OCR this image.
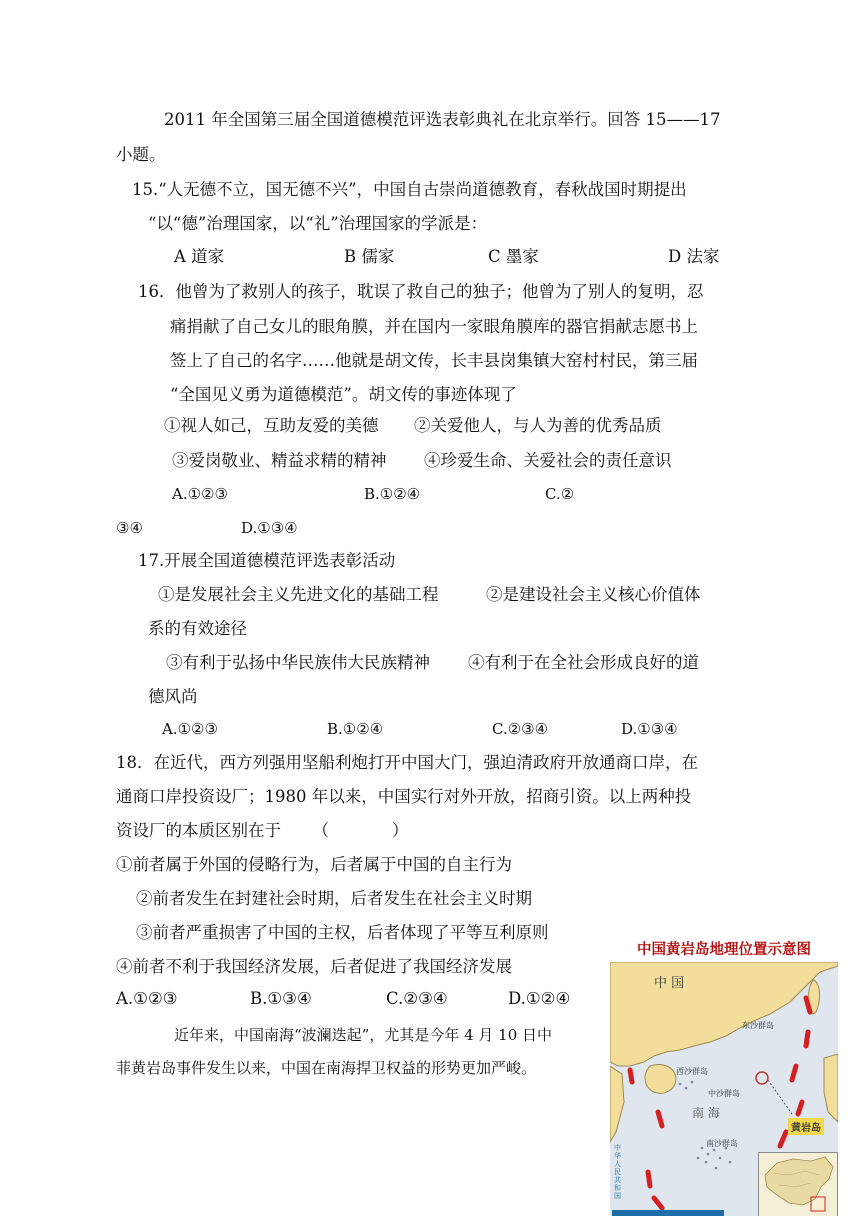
2011 年全国第三届全国道德模范评选表彰典礼在北京举行。回答 15——17
小题。
15.“人无德不立，国无德不兴”，中国自古崇尚道德教育，春秋战国时期提出
“以“德”治理国家，以“礼”治理国家的学派是：
A 道家	B 儒家	C 墨家	D 法家
16．他曾为了救别人的孩子，耽误了救自己的独子；他曾为了别人的复明，忍
痛捐献了自己女儿的眼角膜，并在国内一家眼角膜库的器官捐献志愿书上
签上了自己的名字……他就是胡文传，长丰县岗集镇大窑村村民，第三届
“全国见义勇为道德模范”。胡文传的事迹体现了
①视人如己，互助友爱的美德 ②关爱他人，与人为善的优秀品质
③爱岗敬业、精益求精的精神 ④珍爱生命、关爱社会的责任意识
A.①②③	B.①②④	C.②
③④	D.①③④
17.开展全国道德模范评选表彰活动
①是发展社会主义先进文化的基础工程	②是建设社会主义核心价值体
系的有效途径
③有利于弘扬中华民族伟大民族精神 ④有利于在全社会形成良好的道
德风尚
A.①②③	B.①②④	C.②③④	D.①③④
18．在近代，西方列强用坚船利炮打开中国大门，强迫清政府开放通商口岸，在
通商口岸投资设厂；1980 年以来，中国实行对外开放，招商引资。以上两种投
资设厂的本质区别在于      （            ）
①前者属于外国的侵略行为，后者属于中国的自主行为
②前者发生在封建社会时期，后者发生在社会主义时期
③前者严重损害了中国的主权，后者体现了平等互利原则
④前者不利于我国经济发展，后者促进了我国经济发展
A.①②③	B.①③④	C.②③④	D.①②④
近年来，中国南海“波澜迭起”，尤其是今年 4 月 10 日中
菲黄岩岛事件发生以来，中国在南海捍卫权益的形势更加严峻。
中国黄岩岛地理位置示意图
中 国
东沙群岛
西沙群岛
中沙群岛
南 海
黄岩岛
南沙群岛
中华人民共和国
